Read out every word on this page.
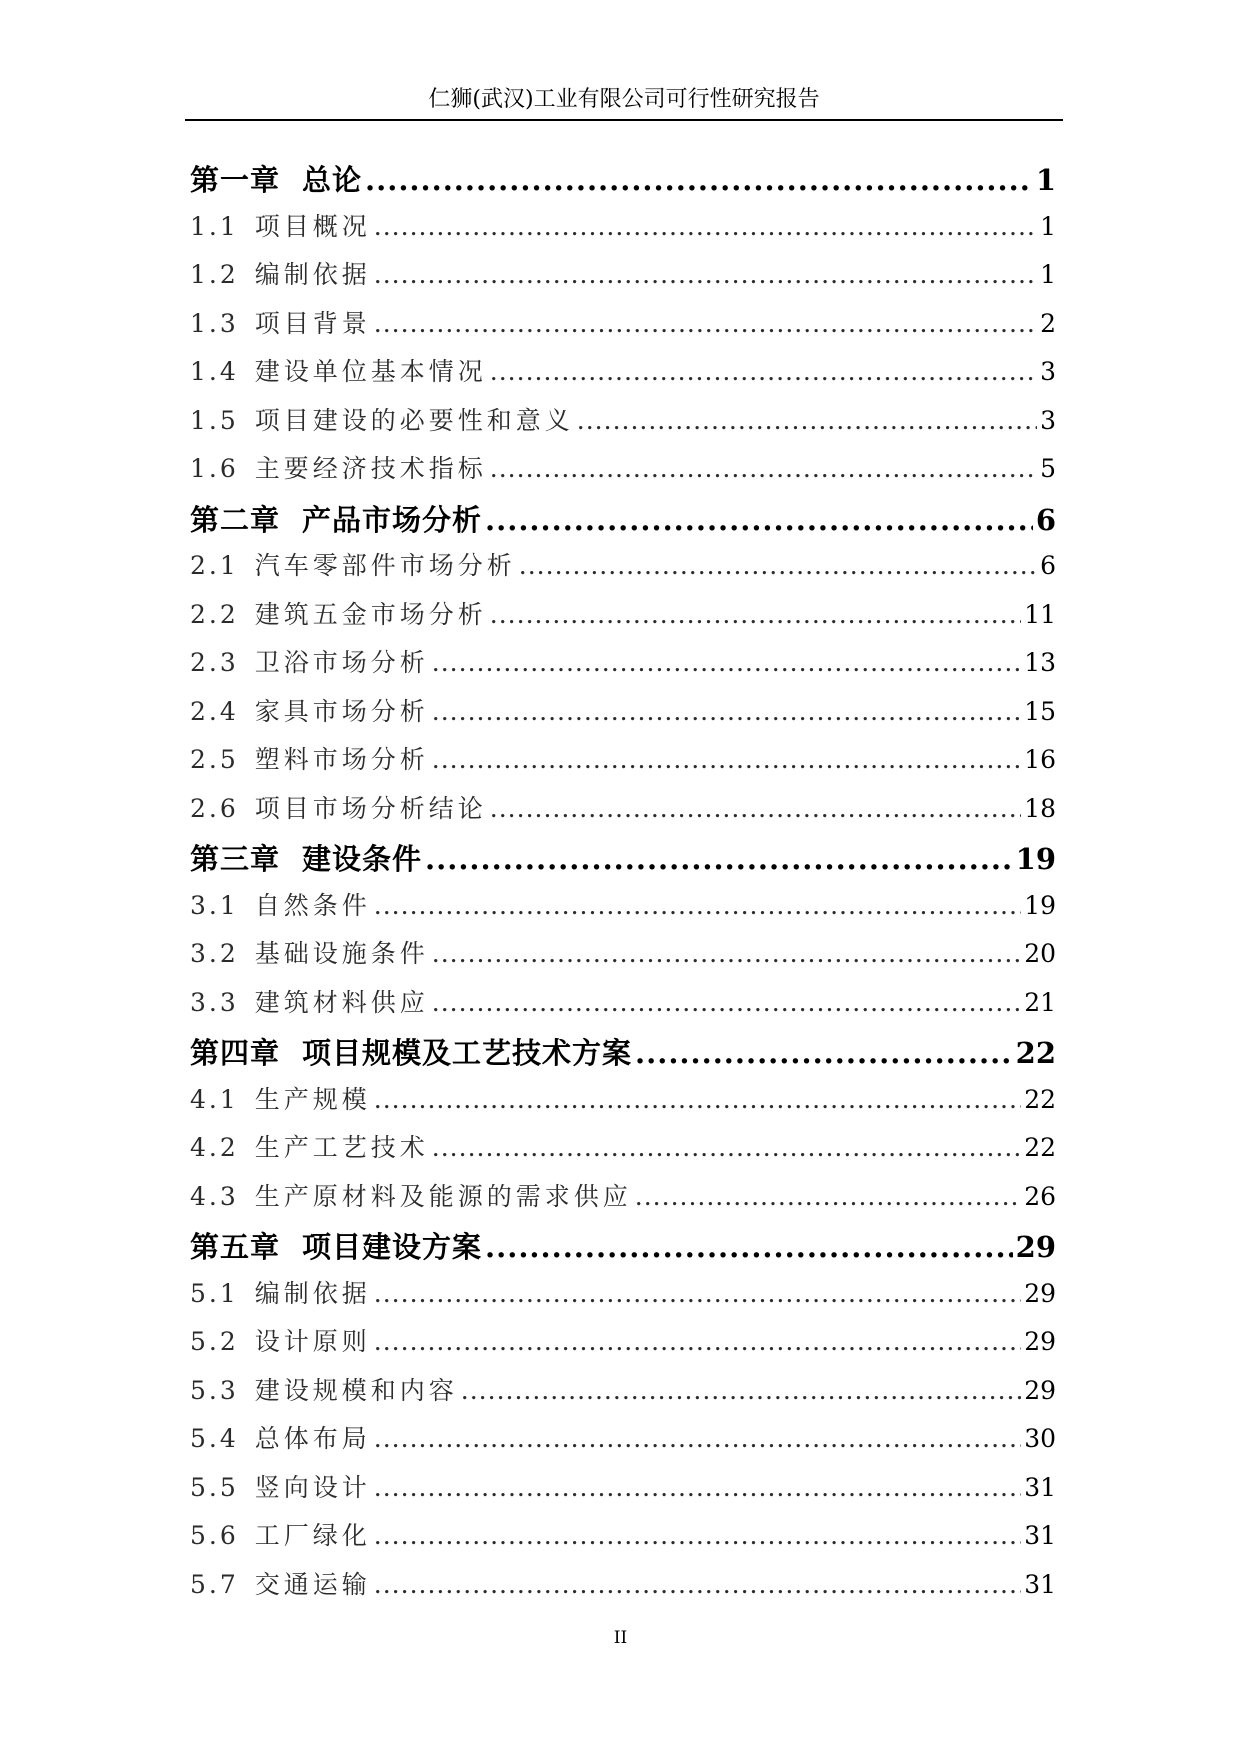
仁狮(武汉)工业有限公司可行性研究报告
第一章 总论 .....	1
1.1 项目概况 .....	1
1.2 编制依据 .....	1
1.3 项目背景 .....	2
1.4 建设单位基本情况 .....	3
1.5 项目建设的必要性和意义 .....	3
1.6 主要经济技术指标 .....	5
第二章 产品市场分析 .....	6
2.1 汽车零部件市场分析 .....	6
2.2 建筑五金市场分析 .....	11
2.3 卫浴市场分析 .....	13
2.4 家具市场分析 .....	15
2.5 塑料市场分析 .....	16
2.6 项目市场分析结论 .....	18
第三章 建设条件 .....	19
3.1 自然条件 .....	19
3.2 基础设施条件 .....	20
3.3 建筑材料供应 .....	21
第四章 项目规模及工艺技术方案 .....	22
4.1 生产规模 .....	22
4.2 生产工艺技术 .....	22
4.3 生产原材料及能源的需求供应 .....	26
第五章 项目建设方案 .....	29
5.1 编制依据 .....	29
5.2 设计原则 .....	29
5.3 建设规模和内容 .....	29
5.4 总体布局 .....	30
5.5 竖向设计 .....	31
5.6 工厂绿化 .....	31
5.7 交通运输 .....	31
II
